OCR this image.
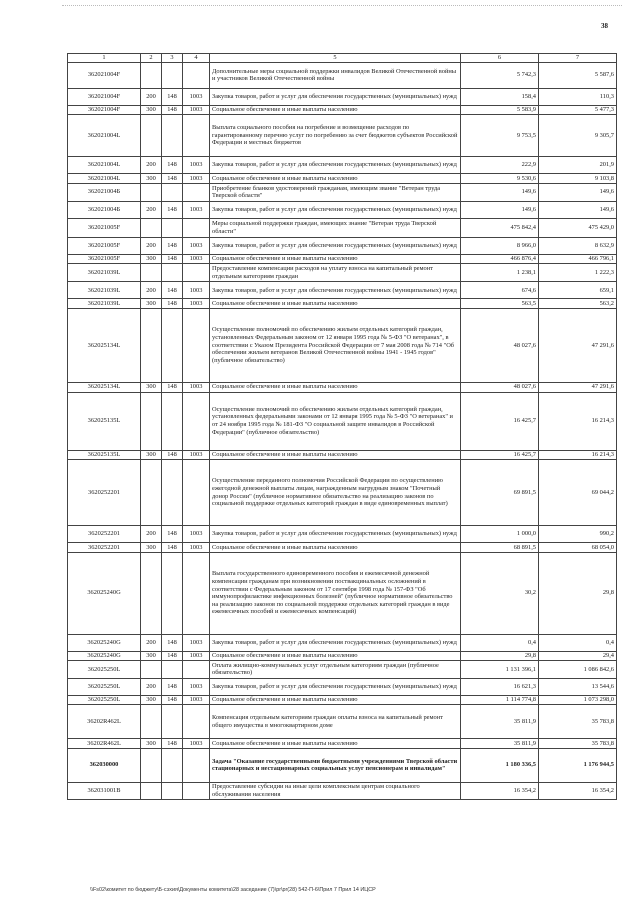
38
1	2	3	4	5	6	7
362021004F				Дополнительные меры социальной поддержки инвалидов Великой Отечественной войны и участников Великой Отечественной войны	5 742,3	5 587,6
362021004F	200	148	1003	Закупка товаров, работ и услуг для обеспечения государственных (муниципальных) нужд	158,4	110,3
362021004F	300	148	1003	Социальное обеспечение и иные выплаты населению	5 583,9	5 477,3
362021004L				Выплата социального пособия на погребение и возмещение расходов по гарантированному перечню услуг по погребению за счет бюджетов субъектов Российской Федерации и местных бюджетов	9 753,5	9 305,7
362021004L	200	148	1003	Закупка товаров, работ и услуг для обеспечения государственных (муниципальных) нужд	222,9	201,9
362021004L	300	148	1003	Социальное обеспечение и иные выплаты населению	9 530,6	9 103,8
362021004Б				Приобретение бланков удостоверений гражданам, имеющим звание "Ветеран труда Тверской области"	149,6	149,6
362021004Б	200	148	1003	Закупка товаров, работ и услуг для обеспечения государственных (муниципальных) нужд	149,6	149,6
362021005F				Меры социальной поддержки граждан, имеющих знание "Ветеран труда Тверской области"	475 842,4	475 429,0
362021005F	200	148	1003	Закупка товаров, работ и услуг для обеспечения государственных (муниципальных) нужд	8 966,0	8 632,9
362021005F	300	148	1003	Социальное обеспечение и иные выплаты населению	466 876,4	466 796,1
362021039L				Предоставление компенсации расходов на уплату взноса на капитальный ремонт отдельным категориям граждан	1 238,1	1 222,3
362021039L	200	148	1003	Закупка товаров, работ и услуг для обеспечения государственных (муниципальных) нужд	674,6	659,1
362021039L	300	148	1003	Социальное обеспечение и иные выплаты населению	563,5	563,2
362025134L				Осуществление полномочий по обеспечению жильем отдельных категорий граждан, установленных Федеральным законом от 12 января 1995 года № 5-ФЗ "О ветеранах", в соответствии с Указом Президента Российской Федерации от 7 мая 2008 года № 714 "Об обеспечении жильем ветеранов Великой Отечественной войны 1941 - 1945 годов" (публичное обязательство)	48 027,6	47 291,6
362025134L	300	148	1003	Социальное обеспечение и иные выплаты населению	48 027,6	47 291,6
362025135L				Осуществление полномочий по обеспечению жильем отдельных категорий граждан, установленных федеральными законами от 12 января 1995 года № 5-ФЗ "О ветеранах" и от 24 ноября 1995 года № 181-ФЗ "О социальной защите инвалидов в Российской Федерации" (публичное обязательство)	16 425,7	16 214,3
362025135L	300	148	1003	Социальное обеспечение и иные выплаты населению	16 425,7	16 214,3
3620252201				Осуществление переданного полномочия Российской Федерации по осуществлению ежегодной денежной выплаты лицам, награжденным нагрудным знаком "Почетный донор России" (публичное нормативное обязательство на реализацию законов по социальной поддержке отдельных категорий граждан в виде единовременных выплат)	69 891,5	69 044,2
3620252201	200	148	1003	Закупка товаров, работ и услуг для обеспечения государственных (муниципальных) нужд	1 000,0	990,2
3620252201	300	148	1003	Социальное обеспечение и иные выплаты населению	68 891,5	68 054,0
362025240G				Выплата государственного единовременного пособия и ежемесячной денежной компенсации гражданам при возникновении поствакцинальных осложнений в соответствии с Федеральным законом от 17 сентября 1998 года № 157-ФЗ "Об иммунопрофилактике инфекционных болезней" (публичное нормативное обязательство на реализацию законов по социальной поддержке отдельных категорий граждан в виде ежемесячных пособий и ежемесячных компенсаций)	30,2	29,8
362025240G	200	148	1003	Закупка товаров, работ и услуг для обеспечения государственных (муниципальных) нужд	0,4	0,4
362025240G	300	148	1003	Социальное обеспечение и иные выплаты населению	29,8	29,4
362025250L				Оплата жилищно-коммунальных услуг отдельным категориям граждан (публичное обязательство)	1 131 396,1	1 086 842,6
362025250L	200	148	1003	Закупка товаров, работ и услуг для обеспечения государственных (муниципальных) нужд	16 621,3	13 544,6
362025250L	300	148	1003	Социальное обеспечение и иные выплаты населению	1 114 774,8	1 073 298,0
36202R462L				Компенсация отдельным категориям граждан оплаты взноса на капитальный ремонт общего имущества в многоквартирном доме	35 811,9	35 783,8
36202R462L	300	148	1003	Социальное обеспечение и иные выплаты населению	35 811,9	35 783,8
362030000				Задача "Оказание государственными бюджетными учреждениями Тверской области стационарных и нестационарных социальных услуг пенсионерам и инвалидам"	1 180 336,5	1 176 944,5
362031001В				Предоставление субсидии на иные цели комплексным центрам социального обслуживания населения	16 354,2	16 354,2
\\Fs02\комитет по бюджету\Б-сэхия\Документы комитета\28 заседание (7)\pr\pr(28) 542-П-6\Прил 7 Прил 14 ИЦСР
